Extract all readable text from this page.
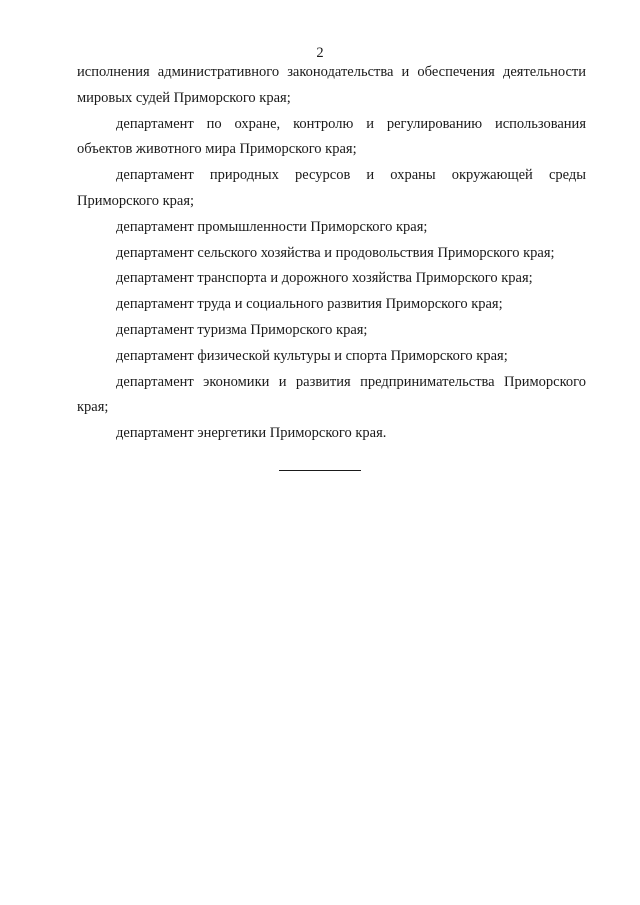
2

исполнения административного законодательства и обеспечения деятельности
мировых судей Приморского края;

департамент по охране, контролю и регулированию использования
объектов животного мира Приморского края;

департамент природных ресурсов и охраны окружающей среды
Приморского края;

департамент промышленности Приморского края;

департамент сельского хозяйства и продовольствия Приморского края;

департамент транспорта и дорожного хозяйства Приморского края;

департамент труда и социального развития Приморского края;

департамент туризма Приморского края;

департамент физической культуры и спорта Приморского края;

департамент экономики и развития предпринимательства Приморского
края;

департамент энергетики Приморского края.
